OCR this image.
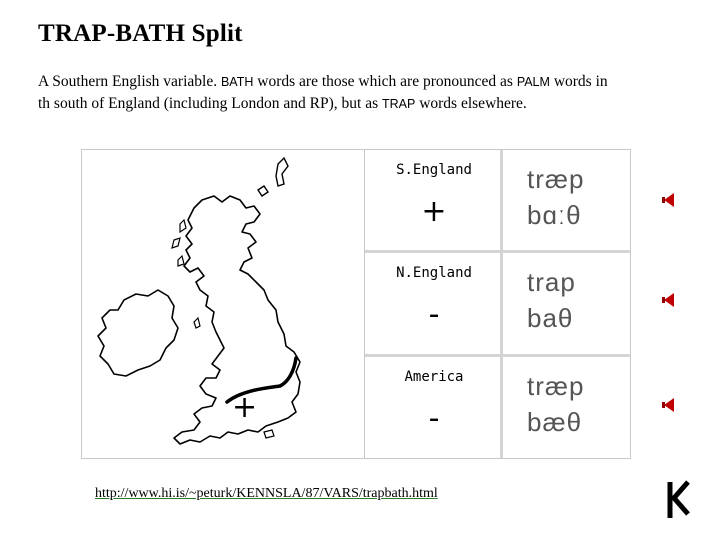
TRAP-BATH Split
A Southern English variable. BATH words are those which are pronounced as PALM words in
th south of England (including London and RP), but as TRAP words elsewhere.
+
S.England
+
træp
bɑːθ
N.England
-
trap
baθ
America
-
træp
bæθ
http://www.hi.is/~peturk/KENNSLA/87/VARS/trapbath.html
